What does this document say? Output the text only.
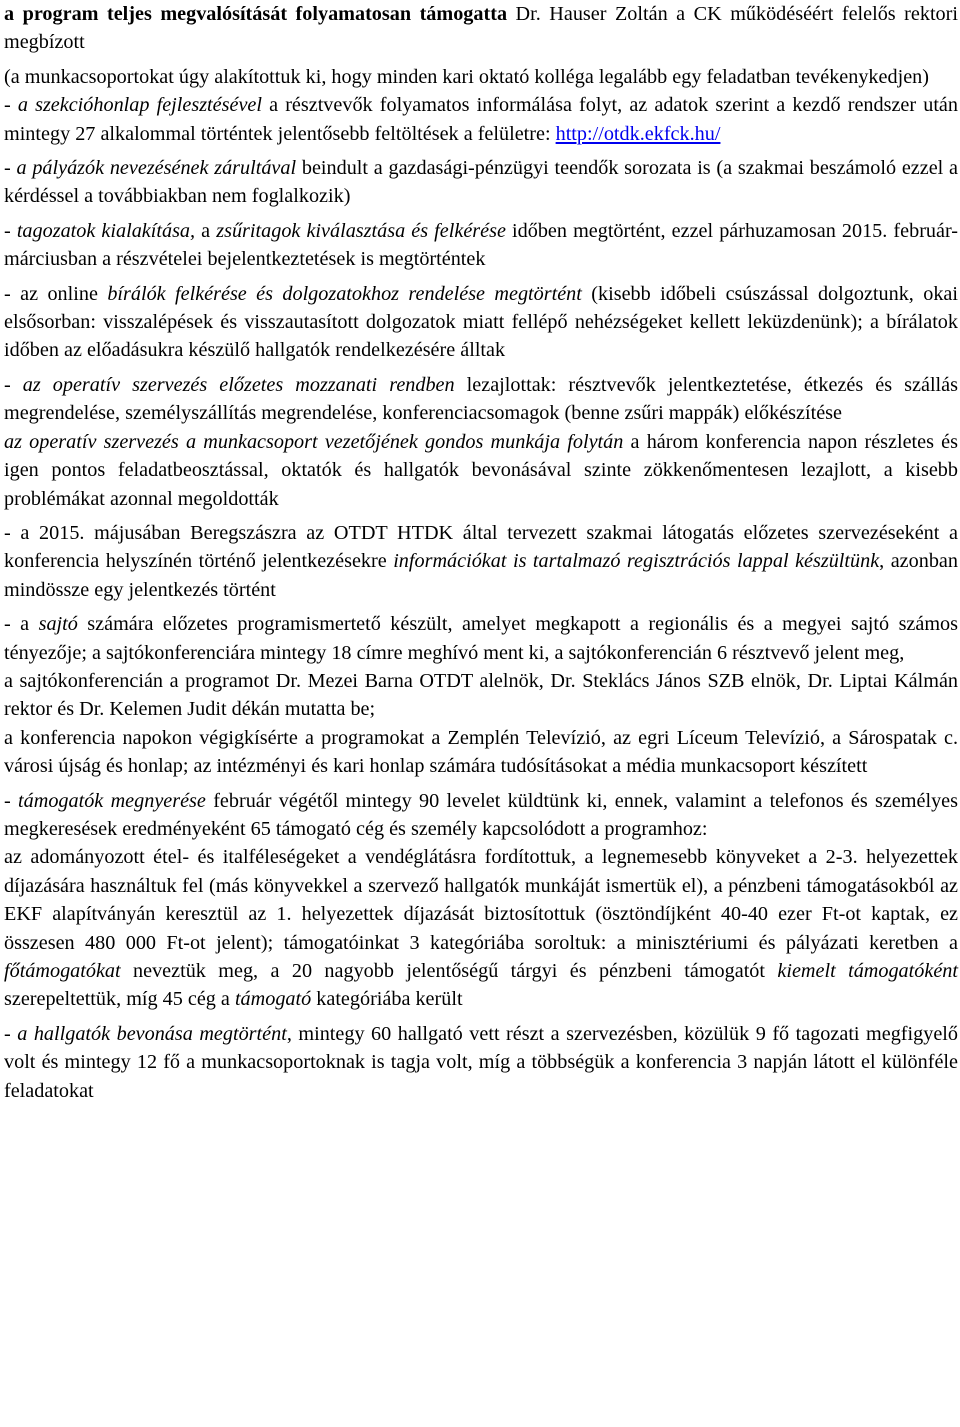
a program teljes megvalósítását folyamatosan támogatta Dr. Hauser Zoltán a CK működéséért felelős rektori megbízott

(a munkacsoportokat úgy alakítottuk ki, hogy minden kari oktató kolléga legalább egy feladatban tevékenykedjen)

- a szekcióhonlap fejlesztésével a résztvevők folyamatos informálása folyt, az adatok szerint a kezdő rendszer után mintegy 27 alkalommal történtek jelentősebb feltöltések a felületre: http://otdk.ekfck.hu/

- a pályázók nevezésének zárultával beindult a gazdasági-pénzügyi teendők sorozata is (a szakmai beszámoló ezzel a kérdéssel a továbbiakban nem foglalkozik)

- tagozatok kialakítása, a zsűritagok kiválasztása és felkérése időben megtörtént, ezzel párhuzamosan 2015. február-márciusban a részvételei bejelentkeztetések is megtörténtek

- az online bírálók felkérése és dolgozatokhoz rendelése megtörtént (kisebb időbeli csúszással dolgoztunk, okai elsősorban: visszalépések és visszautasított dolgozatok miatt fellépő nehézségeket kellett leküzdenünk); a bírálatok időben az előadásukra készülő hallgatók rendelkezésére álltak

- az operatív szervezés előzetes mozzanati rendben lezajlottak: résztvevők jelentkeztetése, étkezés és szállás megrendelése, személyszállítás megrendelése, konferenciacsomagok (benne zsűri mappák) előkészítése
az operatív szervezés a munkacsoport vezetőjének gondos munkája folytán a három konferencia napon részletes és igen pontos feladatbeosztással, oktatók és hallgatók bevonásával szinte zökkenőmentesen lezajlott, a kisebb problémákat azonnal megoldották

- a 2015. májusában Beregszászra az OTDT HTDK által tervezett szakmai látogatás előzetes szervezéseként a konferencia helyszínén történő jelentkezésekre információkat is tartalmazó regisztrációs lappal készültünk, azonban mindössze egy jelentkezés történt

- a sajtó számára előzetes programismertető készült, amelyet megkapott a regionális és a megyei sajtó számos tényezője; a sajtókonferenciára mintegy 18 címre meghívó ment ki, a sajtókonferencián 6 résztvevő jelent meg,
a sajtókonferencián a programot Dr. Mezei Barna OTDT alelnök, Dr. Steklács János SZB elnök, Dr. Liptai Kálmán rektor és Dr. Kelemen Judit dékán mutatta be;
a konferencia napokon végigkísérte a programokat a Zemplén Televízió, az egri Líceum Televízió, a Sárospatak c. városi újság és honlap; az intézményi és kari honlap számára tudósításokat a média munkacsoport készített

- támogatók megnyerése február végétől mintegy 90 levelet küldtünk ki, ennek, valamint a telefonos és személyes megkeresések eredményeként 65 támogató cég és személy kapcsolódott a programhoz:
az adományozott étel- és italféleségeket a vendéglátásra fordítottuk, a legnemesebb könyveket a 2-3. helyezettek díjazására használtuk fel (más könyvekkel a szervező hallgatók munkáját ismertük el), a pénzbeni támogatásokból az EKF alapítványán keresztül az 1. helyezettek díjazását biztosítottuk (ösztöndíjként 40-40 ezer Ft-ot kaptak, ez összesen 480 000 Ft-ot jelent); támogatóinkat 3 kategóriába soroltuk: a minisztériumi és pályázati keretben a főtámogatókat neveztük meg, a 20 nagyobb jelentőségű tárgyi és pénzbeni támogatót kiemelt támogatóként szerepeltettük, míg 45 cég a támogató kategóriába került

- a hallgatók bevonása megtörtént, mintegy 60 hallgató vett részt a szervezésben, közülük 9 fő tagozati megfigyelő volt és mintegy 12 fő a munkacsoportoknak is tagja volt, míg a többségük a konferencia 3 napján látott el különféle feladatokat
